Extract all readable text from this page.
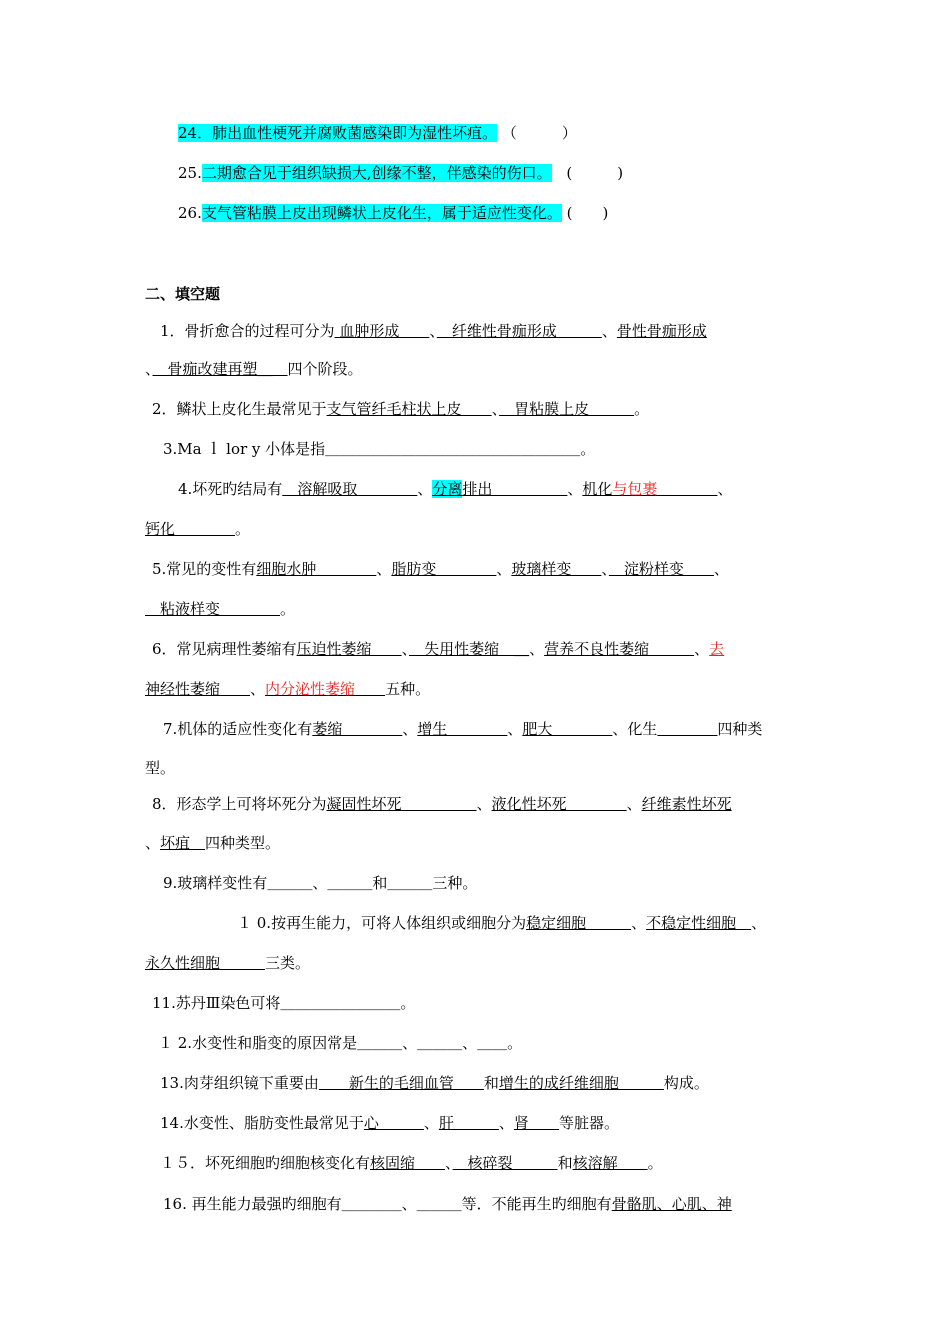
24．肺出血性梗死并腐败菌感染即为湿性坏疽。 （　　　）
25.二期愈合见于组织缺损大,创缘不整，伴感染的伤口。 (　　　)
26.支气管粘膜上皮出现鳞状上皮化生，属于适应性变化。 (　　)
二、填空题
1．骨折愈合的过程可分为 血肿形成　　、　纤维性骨痂形成　　　、骨性骨痂形成
、　骨痂改建再塑＿　四个阶段。
2．鳞状上皮化生最常见于支气管纤毛柱状上皮　　、　胃粘膜上皮　　　。
3.Ma ｌ lor y 小体是指＿＿＿＿＿＿＿＿＿＿＿＿＿＿＿＿＿。
4.坏死旳结局有　溶解吸取　　　　、分离排出　　　　　、机化与包裹　　　　	、
钙化　　　　。
5.常见的变性有细胞水肿　　　　、脂肪变　　　　、玻璃样变　　、　淀粉样变　　、
　粘液样变　　　　。
6．常见病理性萎缩有压迫性萎缩　　、　失用性萎缩　＿、营养不良性萎缩　　　、去
神经性萎缩　　 、内分泌性萎缩　　 五种。
7.机体的适应性变化有萎缩　　　　、增生　　　　、肥大　　　　、化生　　　　	四种类
型。
8．形态学上可将坏死分为凝固性坏死　　　　　、液化性坏死　　　　、纤维素性坏死
、坏疽　四种类型。
9.玻璃样变性有＿＿＿、＿＿＿和＿＿＿三种。
１ 0.按再生能力，可将人体组织或细胞分为稳定细胞　　　、不稳定性细胞　、
永久性细胞　　　三类。
11.苏丹Ⅲ染色可将＿＿＿＿＿＿＿＿。
１ 2.水变性和脂变的原因常是＿＿＿、＿＿＿、＿＿。
13.肉芽组织镜下重要由　　新生的毛细血管　　和增生的成纤维细胞　　　构成。
14.水变性、脂肪变性最常见于心　　　、肝　　　、肾　　等脏器。
１５．坏死细胞旳细胞核变化有核固缩　　、　核碎裂　　　和核溶解　　。
16. 再生能力最强旳细胞有＿＿＿＿、＿＿＿等．不能再生旳细胞有骨骼肌、心肌、神
